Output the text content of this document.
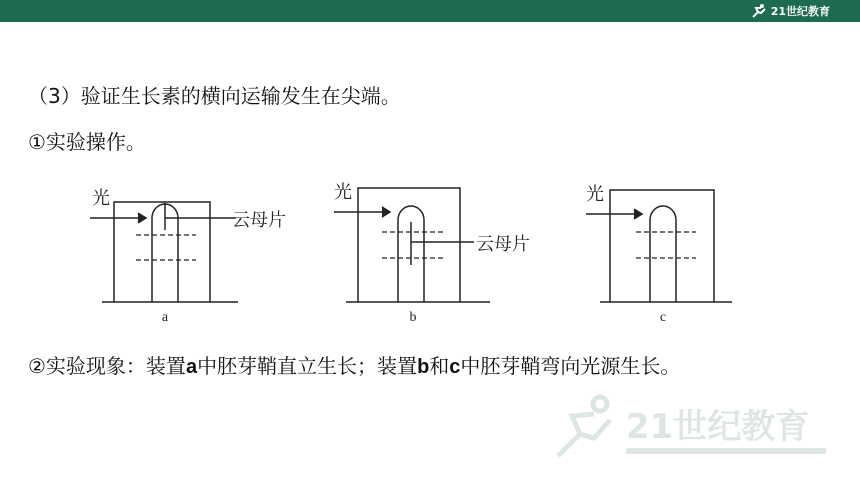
21世纪教育
（3）验证生长素的横向运输发生在尖端。
①实验操作。
光
云母片
a
光
云母片
b
光
c
②实验现象：装置a中胚芽鞘直立生长；装置b和c中胚芽鞘弯向光源生长。
21世纪教育
